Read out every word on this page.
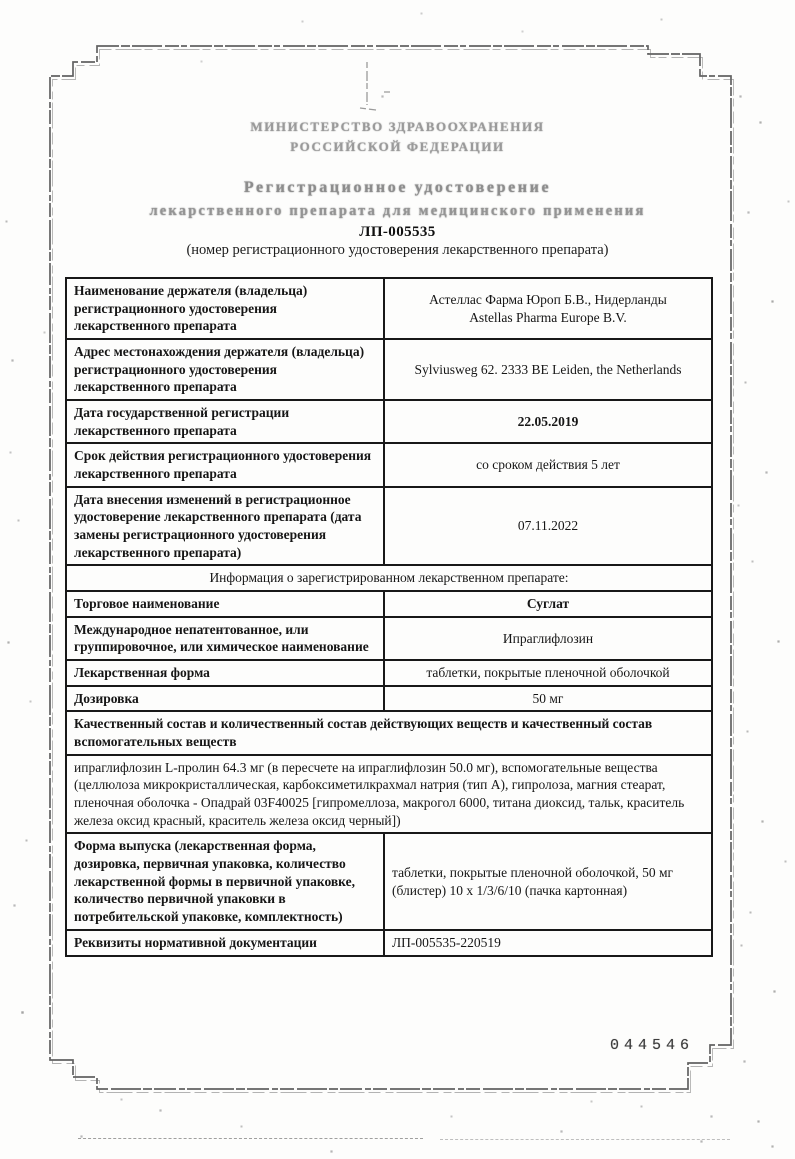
МИНИСТЕРСТВО ЗДРАВООХРАНЕНИЯ
РОССИЙСКОЙ ФЕДЕРАЦИИ
Регистрационное удостоверение
лекарственного препарата для медицинского применения
ЛП-005535
(номер регистрационного удостоверения лекарственного препарата)
Наименование держателя (владельца) регистрационного удостоверения лекарственного препарата	Астеллас Фарма Юроп Б.В., Нидерланды
Astellas Pharma Europe B.V.

Адрес местонахождения держателя (владельца) регистрационного удостоверения лекарственного препарата	Sylviusweg 62. 2333 BE Leiden, the Netherlands
Дата государственной регистрации лекарственного препарата	22.05.2019
Срок действия регистрационного удостоверения лекарственного препарата	со сроком действия 5 лет
Дата внесения изменений в регистрационное удостоверение лекарственного препарата (дата замены регистрационного удостоверения лекарственного препарата)	07.11.2022
Информация о зарегистрированном лекарственном препарате:	
Торговое наименование	Суглат
Международное непатентованное, или группировочное, или химическое наименование	Ипраглифлозин
Лекарственная форма	таблетки, покрытые пленочной оболочкой
Дозировка	50 мг
Качественный состав и количественный состав действующих веществ и качественный состав вспомогательных веществ	
ипраглифлозин L-пролин 64.3 мг (в пересчете на ипраглифлозин 50.0 мг), вспомогательные вещества (целлюлоза микрокристаллическая, карбоксиметилкрахмал натрия (тип А), гипролоза, магния стеарат, пленочная оболочка - Опадрай 03F40025 [гипромеллоза, макрогол 6000, титана диоксид, тальк, краситель железа оксид красный, краситель железа оксид черный])	
Форма выпуска (лекарственная форма, дозировка, первичная упаковка, количество лекарственной формы в первичной упаковке, количество первичной упаковки в потребительской упаковке, комплектность)	таблетки, покрытые пленочной оболочкой, 50 мг (блистер) 10 х 1/3/6/10 (пачка картонная)
Реквизиты нормативной документации	ЛП-005535-220519
044546
